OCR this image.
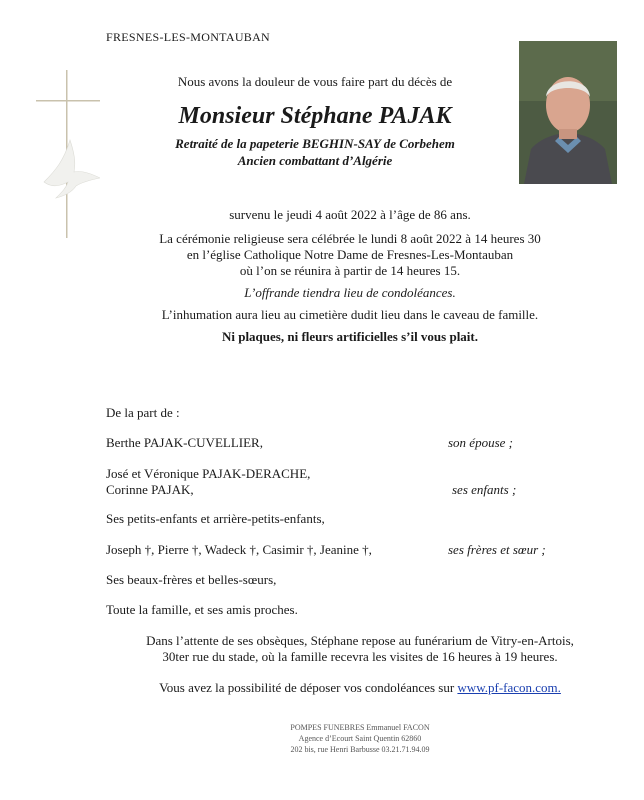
FRESNES-LES-MONTAUBAN
Nous avons la douleur de vous faire part du décès de
Monsieur Stéphane PAJAK
Retraité de la papeterie BEGHIN-SAY de Corbehem
Ancien combattant d’Algérie
survenu le jeudi 4 août 2022 à l’âge de 86 ans.
La cérémonie religieuse sera célébrée le lundi 8 août 2022 à 14 heures 30
en l’église Catholique Notre Dame de Fresnes-Les-Montauban
où l’on se réunira à partir de 14 heures 15.
L’offrande tiendra lieu de condoléances.
L’inhumation aura lieu au cimetière dudit lieu dans le caveau de famille.
Ni plaques, ni fleurs artificielles s’il vous plait.
De la part de :
Berthe PAJAK-CUVELLIER,	son épouse ;
José et Véronique PAJAK-DERACHE,
Corinne PAJAK,	ses enfants ;
Ses petits-enfants et arrière-petits-enfants,
Joseph †, Pierre †, Wadeck †, Casimir †, Jeanine †,	ses frères et sœur ;
Ses beaux-frères et belles-sœurs,
Toute la famille, et ses amis proches.
Dans l’attente de ses obsèques, Stéphane repose au funérarium de Vitry-en-Artois,
30ter rue du stade, où la famille recevra les visites de 16 heures à 19 heures.
Vous avez la possibilité de déposer vos condoléances sur www.pf-facon.com.
POMPES FUNEBRES Emmanuel FACON
Agence d’Ecourt Saint Quentin 62860
202 bis, rue Henri Barbusse 03.21.71.94.09
